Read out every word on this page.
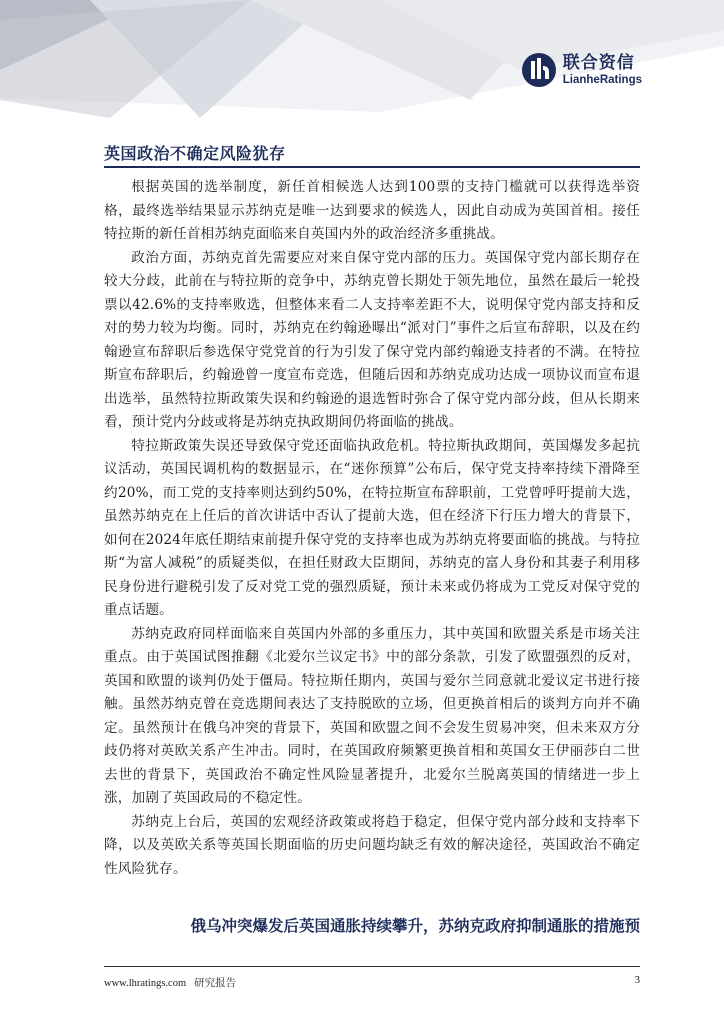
联合资信
LianheRatings
英国政治不确定风险犹存

根据英国的选举制度，新任首相候选人达到100票的支持门槛就可以获得选举资格，最终选举结果显示苏纳克是唯一达到要求的候选人，因此自动成为英国首相。接任特拉斯的新任首相苏纳克面临来自英国内外的政治经济多重挑战。

政治方面，苏纳克首先需要应对来自保守党内部的压力。英国保守党内部长期存在较大分歧，此前在与特拉斯的竞争中，苏纳克曾长期处于领先地位，虽然在最后一轮投票以42.6%的支持率败选，但整体来看二人支持率差距不大，说明保守党内部支持和反对的势力较为均衡。同时，苏纳克在约翰逊曝出“派对门”事件之后宣布辞职，以及在约翰逊宣布辞职后参选保守党党首的行为引发了保守党内部约翰逊支持者的不满。在特拉斯宣布辞职后，约翰逊曾一度宣布竞选，但随后因和苏纳克成功达成一项协议而宣布退出选举，虽然特拉斯政策失误和约翰逊的退选暂时弥合了保守党内部分歧，但从长期来看，预计党内分歧或将是苏纳克执政期间仍将面临的挑战。

特拉斯政策失误还导致保守党还面临执政危机。特拉斯执政期间，英国爆发多起抗议活动，英国民调机构的数据显示，在“迷你预算”公布后，保守党支持率持续下滑降至约20%，而工党的支持率则达到约50%，在特拉斯宣布辞职前，工党曾呼吁提前大选，虽然苏纳克在上任后的首次讲话中否认了提前大选，但在经济下行压力增大的背景下，如何在2024年底任期结束前提升保守党的支持率也成为苏纳克将要面临的挑战。与特拉斯“为富人减税”的质疑类似，在担任财政大臣期间，苏纳克的富人身份和其妻子利用移民身份进行避税引发了反对党工党的强烈质疑，预计未来或仍将成为工党反对保守党的重点话题。

苏纳克政府同样面临来自英国内外部的多重压力，其中英国和欧盟关系是市场关注重点。由于英国试图推翻《北爱尔兰议定书》中的部分条款，引发了欧盟强烈的反对，英国和欧盟的谈判仍处于僵局。特拉斯任期内，英国与爱尔兰同意就北爱议定书进行接触。虽然苏纳克曾在竞选期间表达了支持脱欧的立场，但更换首相后的谈判方向并不确定。虽然预计在俄乌冲突的背景下，英国和欧盟之间不会发生贸易冲突，但未来双方分歧仍将对英欧关系产生冲击。同时，在英国政府频繁更换首相和英国女王伊丽莎白二世去世的背景下，英国政治不确定性风险显著提升，北爱尔兰脱离英国的情绪进一步上涨，加剧了英国政局的不稳定性。

苏纳克上台后，英国的宏观经济政策或将趋于稳定，但保守党内部分歧和支持率下降，以及英欧关系等英国长期面临的历史问题均缺乏有效的解决途径，英国政治不确定性风险犹存。

俄乌冲突爆发后英国通胀持续攀升，苏纳克政府抑制通胀的措施预
www.lhratings.com 研究报告	3
